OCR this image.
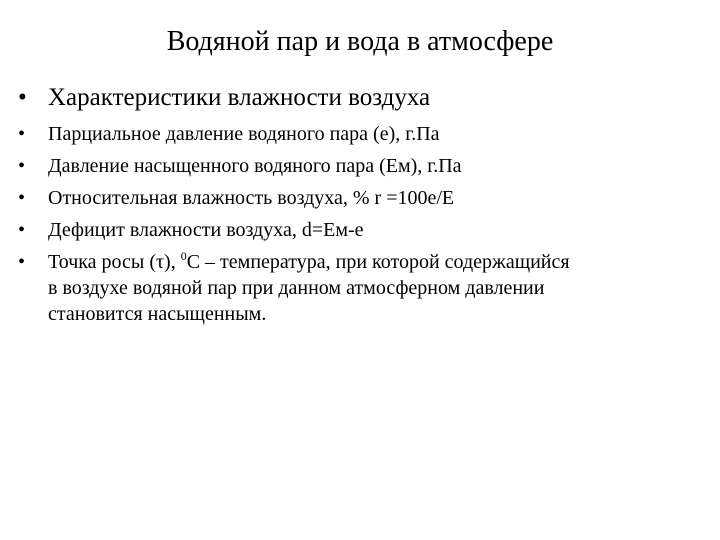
Водяной пар и вода в атмосфере
• Характеристики влажности воздуха
• Парциальное давление водяного пара (е), г.Па
• Давление насыщенного водяного пара (Ем), г.Па
• Относительная влажность воздуха, % r =100е/Е
• Дефицит влажности воздуха, d=Ем-е
• Точка росы (τ), $^0$С – температура, при которой содержащийся
в воздухе водяной пар при данном атмосферном давлении
становится насыщенным.
